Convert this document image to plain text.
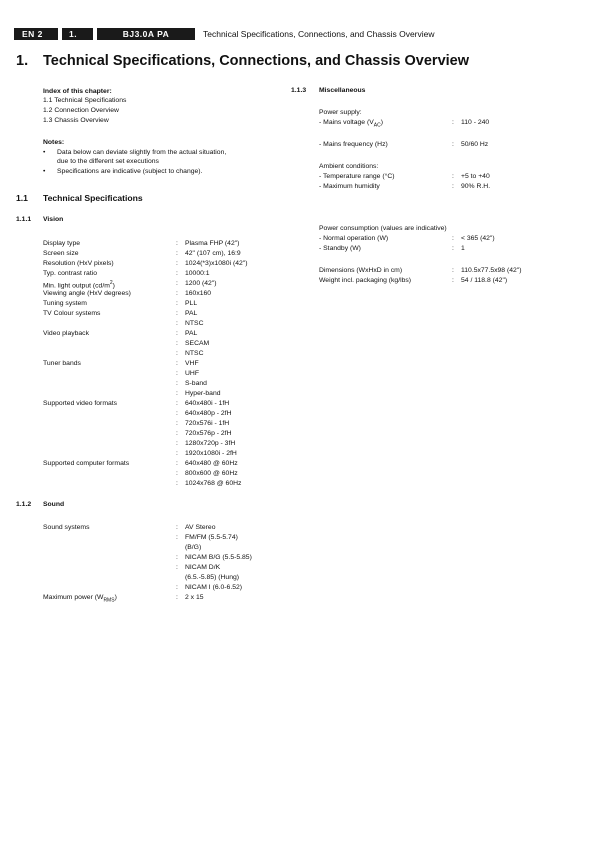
EN 2	1.	BJ3.0A PA	Technical Specifications, Connections, and Chassis Overview
1. Technical Specifications, Connections, and Chassis Overview
Index of this chapter:
1.1 Technical Specifications
1.2 Connection Overview
1.3 Chassis Overview
Notes:
• Data below can deviate slightly from the actual situation,
due to the different set executions
• Specifications are indicative (subject to change).
1.1 Technical Specifications
1.1.1 Vision
Display type	: Plasma FHP (42")
Screen size	: 42" (107 cm), 16:9
Resolution (HxV pixels)	: 1024(*3)x1080i (42")
Typ. contrast ratio	: 10000:1
Min. light output $(cd/m^2)$	: 1200 (42")
Viewing angle (HxV degrees)	: 160x160
Tuning system	: PLL
TV Colour systems	: PAL
: NTSC
Video playback	: PAL
: SECAM
: NTSC
Tuner bands	: VHF
: UHF
: S-band
: Hyper-band
Supported video formats	: 640x480i - 1fH
: 640x480p - 2fH
: 720x576i - 1fH
: 720x576p - 2fH
: 1280x720p - 3fH
: 1920x1080i - 2fH
Supported computer formats	: 640x480 @ 60Hz
: 800x600 @ 60Hz
: 1024x768 @ 60Hz
1.1.2 Sound
Sound systems	: AV Stereo
: FM/FM (5.5-5.74)
(B/G)
: NICAM B/G (5.5-5.85)
: NICAM D/K
(6.5.-5.85) (Hung)
: NICAM I (6.0-6.52)
Maximum power $(W_{RMS})$	: 2 x 15
1.1.3 Miscellaneous
Power supply:
- Mains voltage $(V_{AC})$	: 110 - 240
- Mains frequency (Hz)	: 50/60 Hz
Ambient conditions:
- Temperature range (°C)	: +5 to +40
- Maximum humidity	: 90% R.H.
Power consumption (values are indicative)
- Normal operation (W)	: < 365 (42")
- Standby (W)	: 1
Dimensions (WxHxD in cm)	: 110.5x77.5x98 (42")
Weight incl. packaging (kg/lbs)	: 54 / 118.8 (42")
